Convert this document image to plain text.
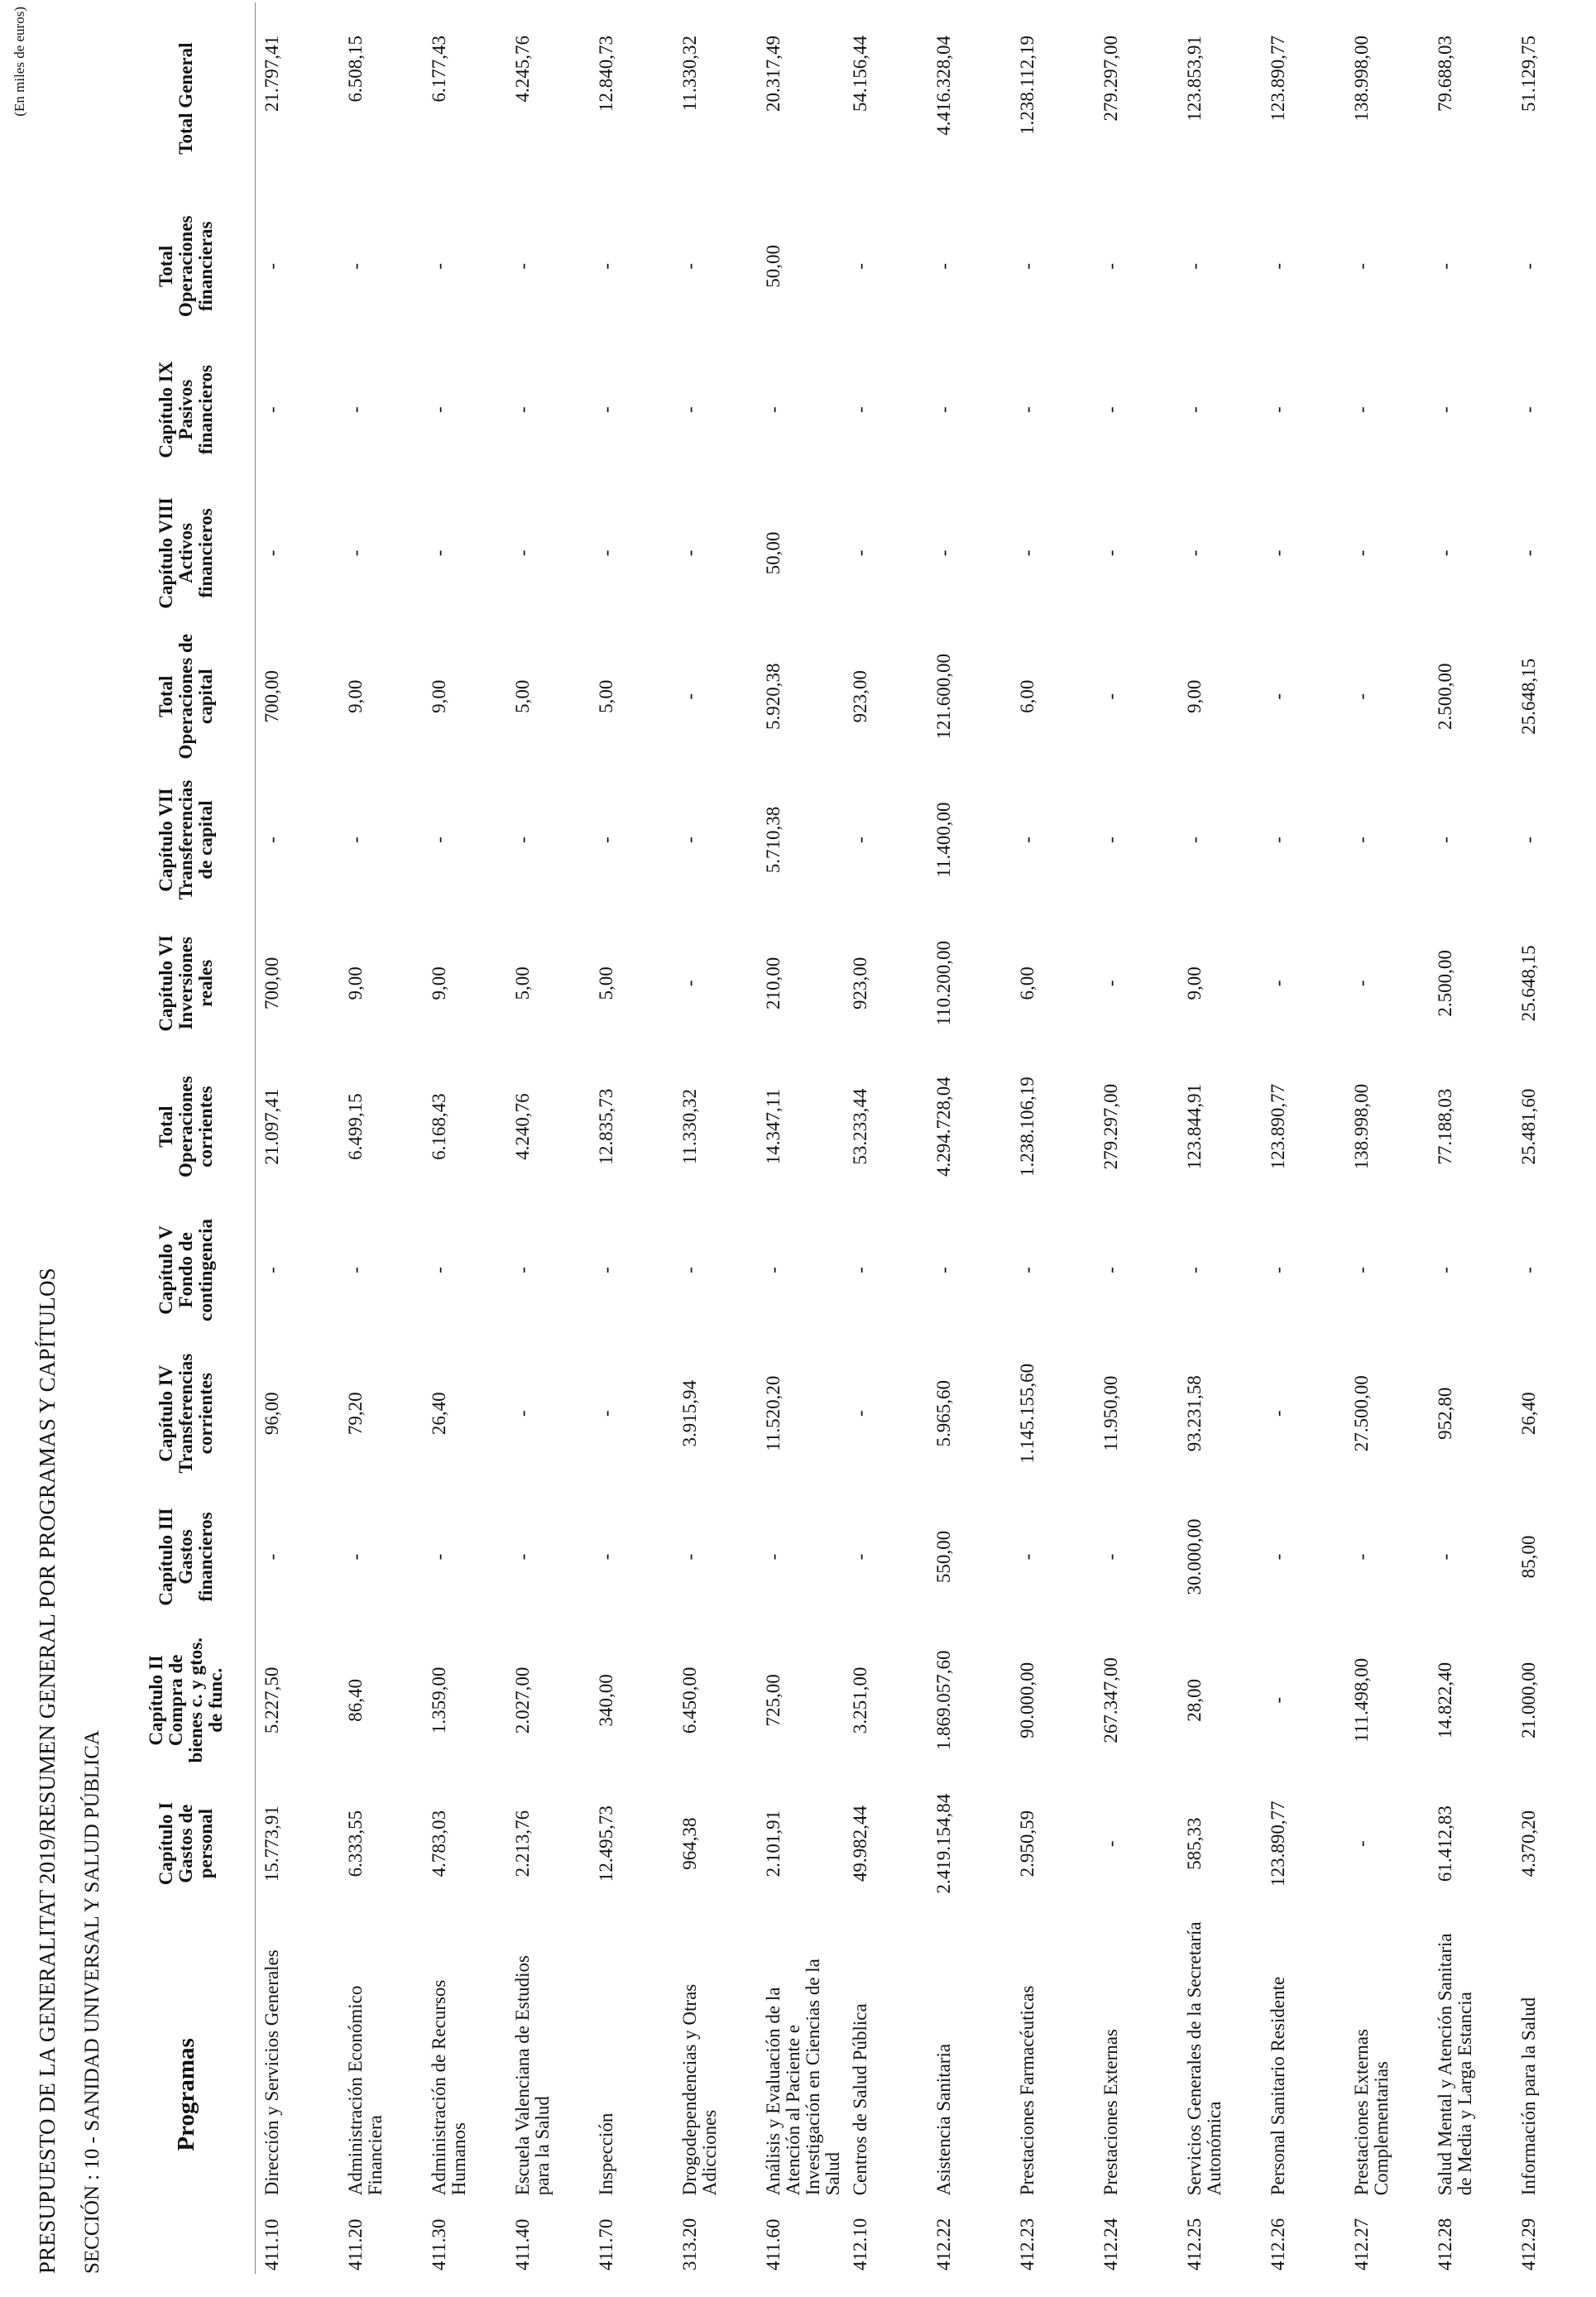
(En miles de euros)
PRESUPUESTO DE LA GENERALITAT 2019/RESUMEN GENERAL POR PROGRAMAS Y CAPÍTULOS SECCIÓN : 10 - SANIDAD UNIVERSAL Y SALUD PÚBLICA	Programas		Capítulo I Gastos de personal	Capítulo II Compra de bienes c. y gtos. de func.	Capítulo III Gastos financieros	Capítulo IV Transferencias corrientes	Capítulo V Fondo de contingencia	Total Operaciones corrientes	Capítulo VI Inversiones reales	Capítulo VII Transferencias de capital	Total Operaciones de capital	Capítulo VIII Activos financieros	Capítulo IX Pasivos financieros	Total Operaciones financieras	Total General
411.10	Dirección y Servicios Generales	15.773,91	5.227,50	-	96,00	-	21.097,41	700,00	-	700,00	-	-	-	21.797,41
411.20	Administración Económico Financiera	6.333,55	86,40	-	79,20	-	6.499,15	9,00	-	9,00	-	-	-	6.508,15
411.30	Administración de Recursos Humanos	4.783,03	1.359,00	-	26,40	-	6.168,43	9,00	-	9,00	-	-	-	6.177,43
411.40	Escuela Valenciana de Estudios para la Salud	2.213,76	2.027,00	-	-	-	4.240,76	5,00	-	5,00	-	-	-	4.245,76
411.70	Inspección	12.495,73	340,00	-	-	-	12.835,73	5,00	-	5,00	-	-	-	12.840,73
313.20	Drogodependencias y Otras Adicciones	964,38	6.450,00	-	3.915,94	-	11.330,32	-	-	-	-	-	-	11.330,32
411.60	Análisis y Evaluación de la Atención al Paciente e Investigación en Ciencias de la Salud	2.101,91	725,00	-	11.520,20	-	14.347,11	210,00	5.710,38	5.920,38	50,00	-	50,00	20.317,49
412.10	Centros de Salud Pública	49.982,44	3.251,00	-	-	-	53.233,44	923,00	-	923,00	-	-	-	54.156,44
412.22	Asistencia Sanitaria	2.419.154,84	1.869.057,60	550,00	5.965,60	-	4.294.728,04	110.200,00	11.400,00	121.600,00	-	-	-	4.416.328,04
412.23	Prestaciones Farmacéuticas	2.950,59	90.000,00	-	1.145.155,60	-	1.238.106,19	6,00	-	6,00	-	-	-	1.238.112,19
412.24	Prestaciones Externas	-	267.347,00	-	11.950,00	-	279.297,00	-	-	-	-	-	-	279.297,00
412.25	Servicios Generales de la Secretaría Autonómica	585,33	28,00	30.000,00	93.231,58	-	123.844,91	9,00	-	9,00	-	-	-	123.853,91
412.26	Personal Sanitario Residente	123.890,77	-	-	-	-	123.890,77	-	-	-	-	-	-	123.890,77
412.27	Prestaciones Externas Complementarias	-	111.498,00	-	27.500,00	-	138.998,00	-	-	-	-	-	-	138.998,00
412.28	Salud Mental y Atención Sanitaria de Media y Larga Estancia	61.412,83	14.822,40	-	952,80	-	77.188,03	2.500,00	-	2.500,00	-	-	-	79.688,03
412.29	Información para la Salud	4.370,20	21.000,00	85,00	26,40	-	25.481,60	25.648,15	-	25.648,15	-	-	-	51.129,75
